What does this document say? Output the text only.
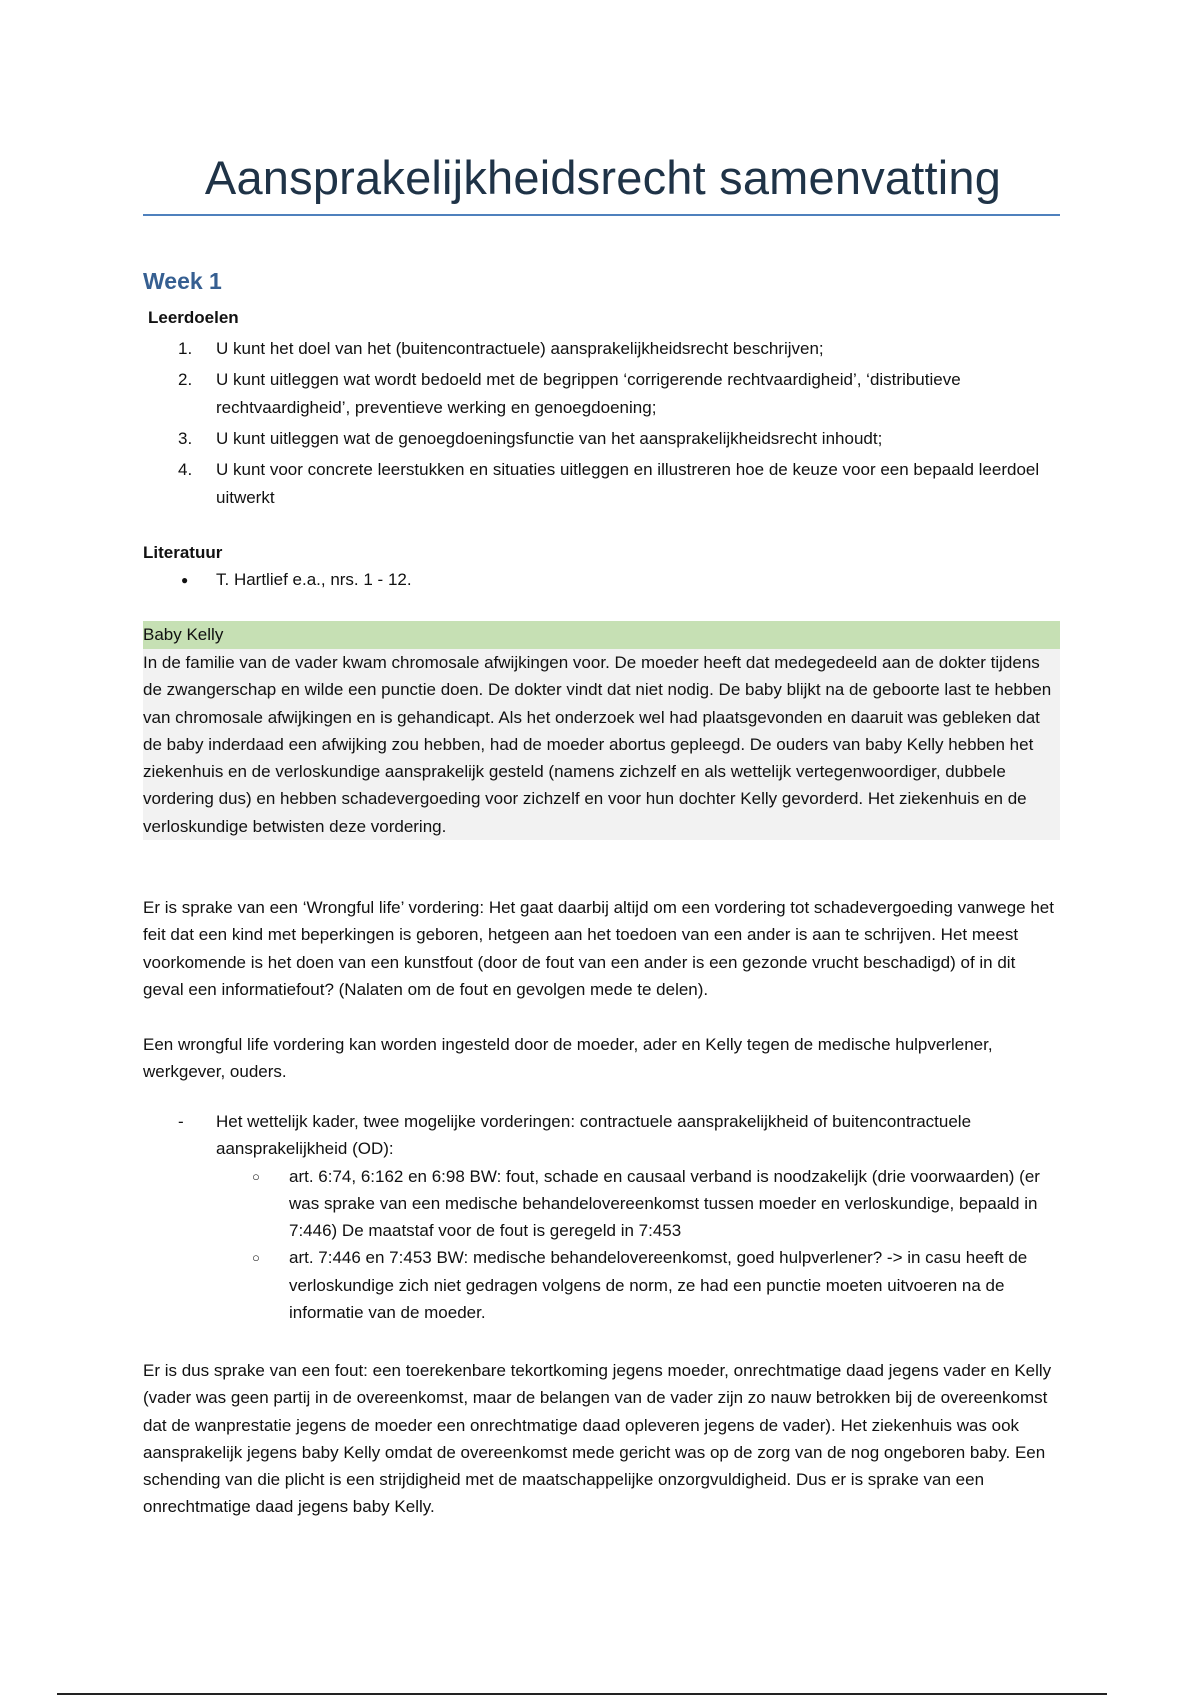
Aansprakelijkheidsrecht samenvatting
Week 1
Leerdoelen
1. U kunt het doel van het (buitencontractuele) aansprakelijkheidsrecht beschrijven;
2. U kunt uitleggen wat wordt bedoeld met de begrippen ‘corrigerende rechtvaardigheid’, ‘distributieve rechtvaardigheid’, preventieve werking en genoegdoening;
3. U kunt uitleggen wat de genoegdoeningsfunctie van het aansprakelijkheidsrecht inhoudt;
4. U kunt voor concrete leerstukken en situaties uitleggen en illustreren hoe de keuze voor een bepaald leerdoel uitwerkt
Literatuur
● T. Hartlief e.a., nrs. 1 - 12.
Baby Kelly

In de familie van de vader kwam chromosale afwijkingen voor. De moeder heeft dat medegedeeld aan de dokter tijdens de zwangerschap en wilde een punctie doen. De dokter vindt dat niet nodig. De baby blijkt na de geboorte last te hebben van chromosale afwijkingen en is gehandicapt. Als het onderzoek wel had plaatsgevonden en daaruit was gebleken dat de baby inderdaad een afwijking zou hebben, had de moeder abortus gepleegd. De ouders van baby Kelly hebben het ziekenhuis en de verloskundige aansprakelijk gesteld (namens zichzelf en als wettelijk vertegenwoordiger, dubbele vordering dus) en hebben schadevergoeding voor zichzelf en voor hun dochter Kelly gevorderd. Het ziekenhuis en de verloskundige betwisten deze vordering.

Er is sprake van een ‘Wrongful life’ vordering: Het gaat daarbij altijd om een vordering tot schadevergoeding vanwege het feit dat een kind met beperkingen is geboren, hetgeen aan het toedoen van een ander is aan te schrijven. Het meest voorkomende is het doen van een kunstfout (door de fout van een ander is een gezonde vrucht beschadigd) of in dit geval een informatiefout? (Nalaten om de fout en gevolgen mede te delen).

Een wrongful life vordering kan worden ingesteld door de moeder, ader en Kelly tegen de medische hulpverlener, werkgever, ouders.

- Het wettelijk kader, twee mogelijke vorderingen: contractuele aansprakelijkheid of buitencontractuele aansprakelijkheid (OD):
○ art. 6:74, 6:162 en 6:98 BW: fout, schade en causaal verband is noodzakelijk (drie voorwaarden) (er was sprake van een medische behandelovereenkomst tussen moeder en verloskundige, bepaald in 7:446) De maatstaf voor de fout is geregeld in 7:453
○ art. 7:446 en 7:453 BW: medische behandelovereenkomst, goed hulpverlener? -> in casu heeft de verloskundige zich niet gedragen volgens de norm, ze had een punctie moeten uitvoeren na de informatie van de moeder.

Er is dus sprake van een fout: een toerekenbare tekortkoming jegens moeder, onrechtmatige daad jegens vader en Kelly (vader was geen partij in de overeenkomst, maar de belangen van de vader zijn zo nauw betrokken bij de overeenkomst dat de wanprestatie jegens de moeder een onrechtmatige daad opleveren jegens de vader). Het ziekenhuis was ook aansprakelijk jegens baby Kelly omdat de overeenkomst mede gericht was op de zorg van de nog ongeboren baby. Een schending van die plicht is een strijdigheid met de maatschappelijke onzorgvuldigheid. Dus er is sprake van een onrechtmatige daad jegens baby Kelly.
